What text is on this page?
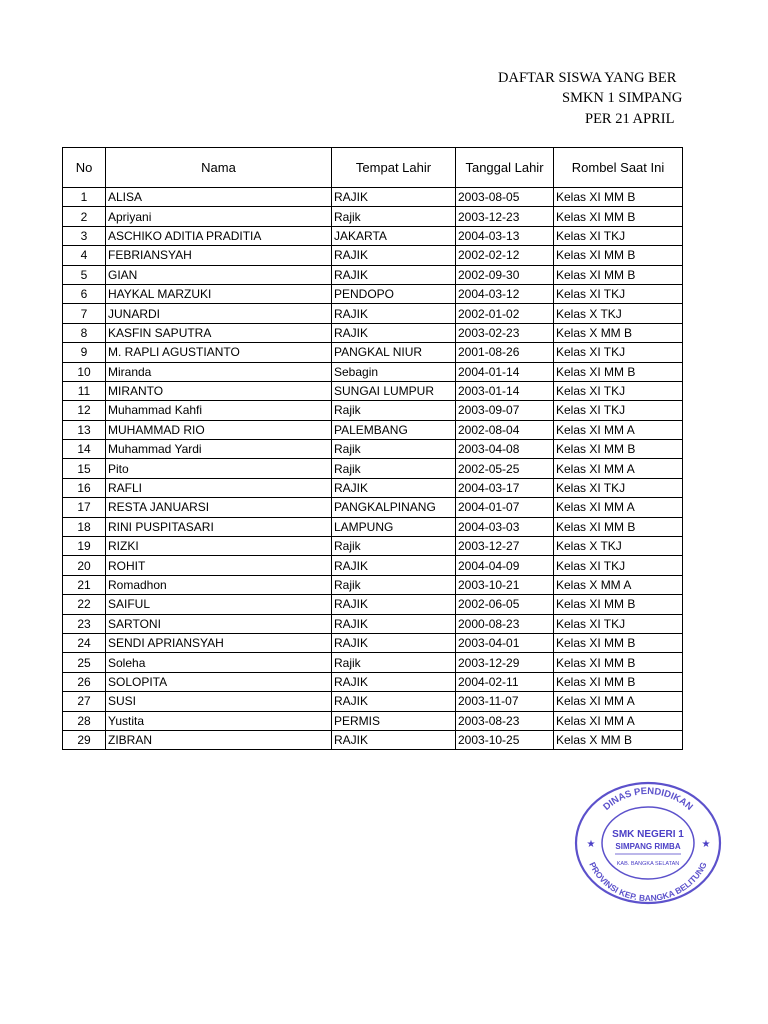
DAFTAR SISWA YANG BER
SMKN 1 SIMPANG
PER 21 APRIL
No	Nama	Tempat Lahir	Tanggal Lahir	Rombel Saat Ini
1	ALISA	RAJIK	2003-08-05	Kelas XI MM B
2	Apriyani	Rajik	2003-12-23	Kelas XI MM B
3	ASCHIKO ADITIA PRADITIA	JAKARTA	2004-03-13	Kelas XI TKJ
4	FEBRIANSYAH	RAJIK	2002-02-12	Kelas XI MM B
5	GIAN	RAJIK	2002-09-30	Kelas XI MM B
6	HAYKAL MARZUKI	PENDOPO	2004-03-12	Kelas XI TKJ
7	JUNARDI	RAJIK	2002-01-02	Kelas X TKJ
8	KASFIN SAPUTRA	RAJIK	2003-02-23	Kelas X MM B
9	M. RAPLI AGUSTIANTO	PANGKAL NIUR	2001-08-26	Kelas XI TKJ
10	Miranda	Sebagin	2004-01-14	Kelas XI MM B
11	MIRANTO	SUNGAI LUMPUR	2003-01-14	Kelas XI TKJ
12	Muhammad Kahfi	Rajik	2003-09-07	Kelas XI TKJ
13	MUHAMMAD RIO	PALEMBANG	2002-08-04	Kelas XI MM A
14	Muhammad Yardi	Rajik	2003-04-08	Kelas XI MM B
15	Pito	Rajik	2002-05-25	Kelas XI MM A
16	RAFLI	RAJIK	2004-03-17	Kelas XI TKJ
17	RESTA JANUARSI	PANGKALPINANG	2004-01-07	Kelas XI MM A
18	RINI PUSPITASARI	LAMPUNG	2004-03-03	Kelas XI MM B
19	RIZKI	Rajik	2003-12-27	Kelas X TKJ
20	ROHIT	RAJIK	2004-04-09	Kelas XI TKJ
21	Romadhon	Rajik	2003-10-21	Kelas X MM A
22	SAIFUL	RAJIK	2002-06-05	Kelas XI MM B
23	SARTONI	RAJIK	2000-08-23	Kelas XI TKJ
24	SENDI APRIANSYAH	RAJIK	2003-04-01	Kelas XI MM B
25	Soleha	Rajik	2003-12-29	Kelas XI MM B
26	SOLOPITA	RAJIK	2004-02-11	Kelas XI MM B
27	SUSI	RAJIK	2003-11-07	Kelas XI MM A
28	Yustita	PERMIS	2003-08-23	Kelas XI MM A
29	ZIBRAN	RAJIK	2003-10-25	Kelas X MM B
DINAS PENDIDIKAN
PROVINSI KEP. BANGKA BELITUNG
★	★
SMK NEGERI 1
SIMPANG RIMBA
KAB. BANGKA SELATAN
